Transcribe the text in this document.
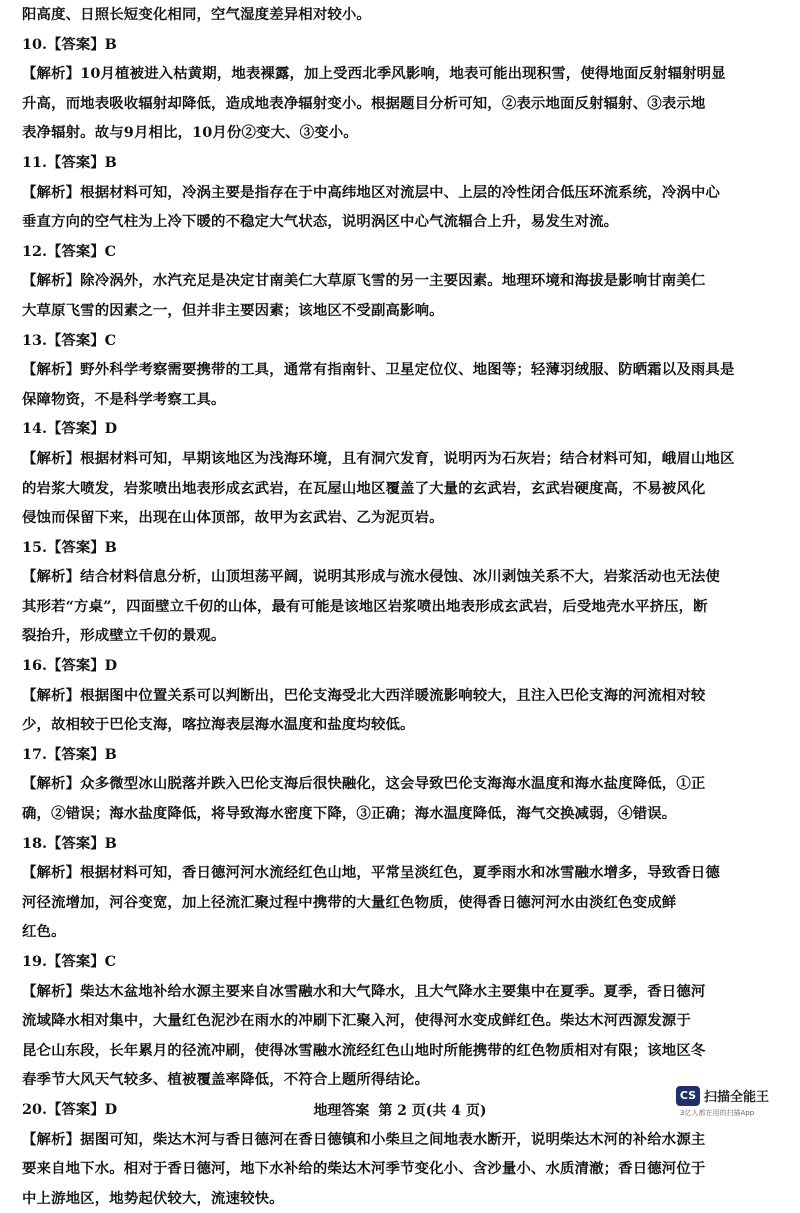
阳高度、日照长短变化相同，空气湿度差异相对较小。
10.【答案】B
【解析】10月植被进入枯黄期，地表裸露，加上受西北季风影响，地表可能出现积雪，使得地面反射辐射明显
升高，而地表吸收辐射却降低，造成地表净辐射变小。根据题目分析可知，②表示地面反射辐射、③表示地
表净辐射。故与9月相比，10月份②变大、③变小。
11.【答案】B
【解析】根据材料可知，冷涡主要是指存在于中高纬地区对流层中、上层的冷性闭合低压环流系统，冷涡中心
垂直方向的空气柱为上冷下暖的不稳定大气状态，说明涡区中心气流辐合上升，易发生对流。
12.【答案】C
【解析】除冷涡外，水汽充足是决定甘南美仁大草原飞雪的另一主要因素。地理环境和海拔是影响甘南美仁
大草原飞雪的因素之一，但并非主要因素；该地区不受副高影响。
13.【答案】C
【解析】野外科学考察需要携带的工具，通常有指南针、卫星定位仪、地图等；轻薄羽绒服、防晒霜以及雨具是
保障物资，不是科学考察工具。
14.【答案】D
【解析】根据材料可知，早期该地区为浅海环境，且有洞穴发育，说明丙为石灰岩；结合材料可知，峨眉山地区
的岩浆大喷发，岩浆喷出地表形成玄武岩，在瓦屋山地区覆盖了大量的玄武岩，玄武岩硬度高，不易被风化
侵蚀而保留下来，出现在山体顶部，故甲为玄武岩、乙为泥页岩。
15.【答案】B
【解析】结合材料信息分析，山顶坦荡平阔，说明其形成与流水侵蚀、冰川剥蚀关系不大，岩浆活动也无法使
其形若“方桌”，四面壁立千仞的山体，最有可能是该地区岩浆喷出地表形成玄武岩，后受地壳水平挤压，断
裂抬升，形成壁立千仞的景观。
16.【答案】D
【解析】根据图中位置关系可以判断出，巴伦支海受北大西洋暖流影响较大，且注入巴伦支海的河流相对较
少，故相较于巴伦支海，喀拉海表层海水温度和盐度均较低。
17.【答案】B
【解析】众多微型冰山脱落并跌入巴伦支海后很快融化，这会导致巴伦支海海水温度和海水盐度降低，①正
确，②错误；海水盐度降低，将导致海水密度下降，③正确；海水温度降低，海气交换减弱，④错误。
18.【答案】B
【解析】根据材料可知，香日德河河水流经红色山地，平常呈淡红色，夏季雨水和冰雪融水增多，导致香日德
河径流增加，河谷变宽，加上径流汇聚过程中携带的大量红色物质，使得香日德河河水由淡红色变成鲜
红色。
19.【答案】C
【解析】柴达木盆地补给水源主要来自冰雪融水和大气降水，且大气降水主要集中在夏季。夏季，香日德河
流域降水相对集中，大量红色泥沙在雨水的冲刷下汇聚入河，使得河水变成鲜红色。柴达木河西源发源于
昆仑山东段，长年累月的径流冲刷，使得冰雪融水流经红色山地时所能携带的红色物质相对有限；该地区冬
春季节大风天气较多、植被覆盖率降低，不符合上题所得结论。
20.【答案】D
【解析】据图可知，柴达木河与香日德河在香日德镇和小柴旦之间地表水断开，说明柴达木河的补给水源主
要来自地下水。相对于香日德河，地下水补给的柴达木河季节变化小、含沙量小、水质清澈；香日德河位于
中上游地区，地势起伏较大，流速较快。
地理答案 第 2 页(共 4 页)
CS 扫描全能王
3亿人都在用的扫描App
